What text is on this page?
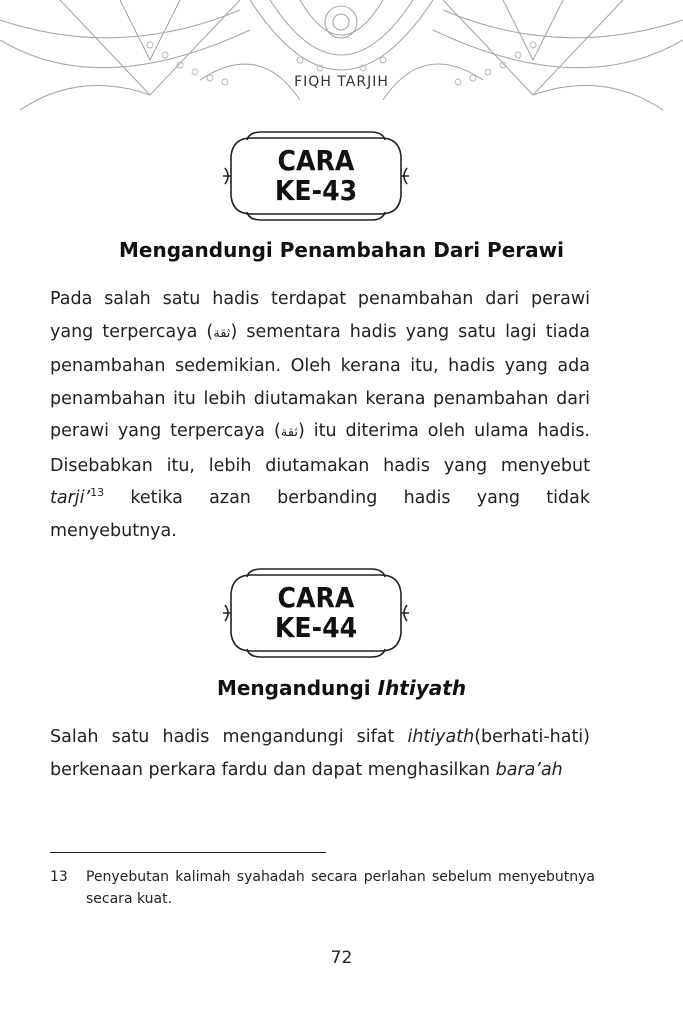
FIQH TARJIH
CARA
KE-43
Mengandungi Penambahan Dari Perawi

Pada salah satu hadis terdapat penambahan dari perawi yang terpercaya (ثقة) sementara hadis yang satu lagi tiada penambahan sedemikian. Oleh kerana itu, hadis yang ada penambahan itu lebih diutamakan kerana penambahan dari perawi yang terpercaya (ثقة) itu diterima oleh ulama hadis. Disebabkan itu, lebih diutamakan hadis yang menyebut tarji’$^{13}$ ketika azan berbanding hadis yang tidak menyebutnya.

CARA
KE-44
Mengandungi Ihtiyath

Salah satu hadis mengandungi sifat ihtiyath(berhati-hati) berkenaan perkara fardu dan dapat menghasilkan bara’ah

13 Penyebutan kalimah syahadah secara perlahan sebelum menyebutnya secara kuat.
72
